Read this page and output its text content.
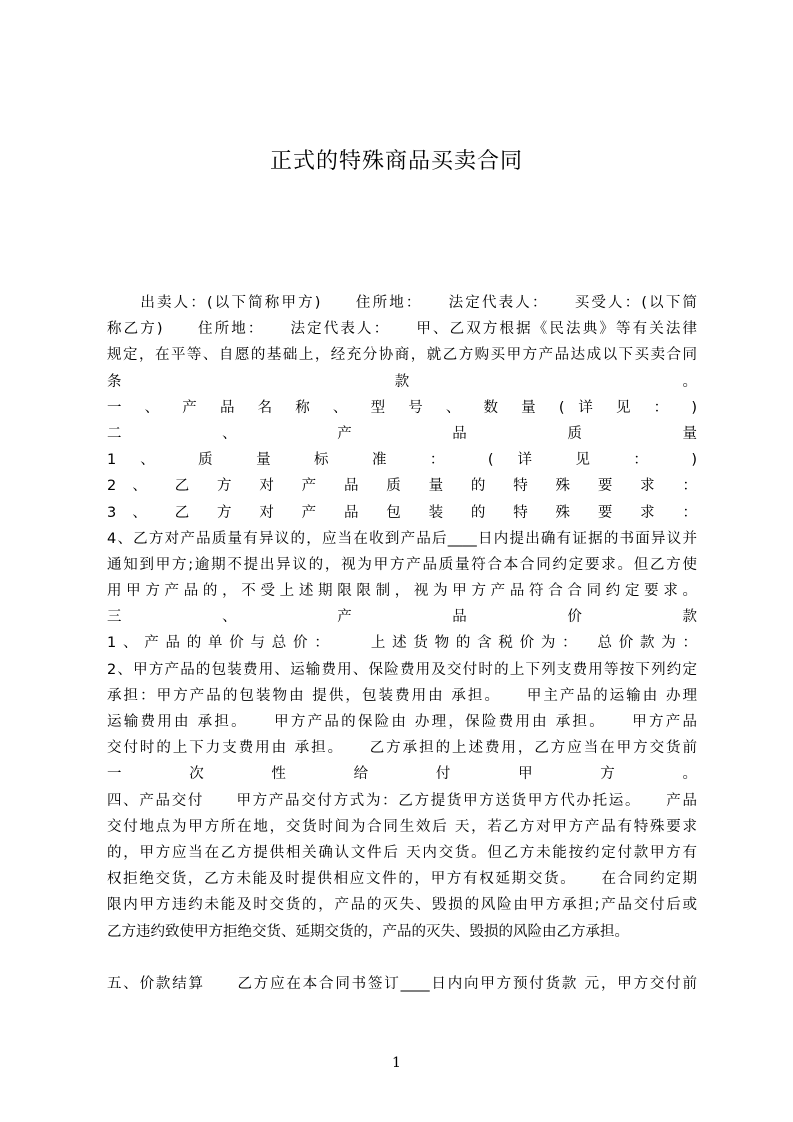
正式的特殊商品买卖合同
　　出卖人：(以下简称甲方)　　住所地：　　法定代表人：　　买受人：(以下简
称乙方)　　住所地：　　法定代表人：　　甲、乙双方根据《民法典》等有关法律
规定，在平等、自愿的基础上，经充分协商，就乙方购买甲方产品达成以下买卖合同
条 款 。
一 、 产 品 名 称 、 型 号 、 数 量 ( 详 见 ： )
二 、 产 品 质 量
1 、 质 量 标 准 ： ( 详 见 ： )
2 、 乙 方 对 产 品 质 量 的 特 殊 要 求 ：
3 、 乙 方 对 产 品 包 装 的 特 殊 要 求 ：
4、乙方对产品质量有异议的，应当在收到产品后____日内提出确有证据的书面异议并
通知到甲方;逾期不提出异议的，视为甲方产品质量符合本合同约定要求。但乙方使
用甲方产品的，不受上述期限限制，视为甲方产品符合合同约定要求。
三 、 产 品 价 款
1、产品的单价与总价：　　上述货物的含税价为：　总价款为：
2、甲方产品的包装费用、运输费用、保险费用及交付时的上下列支费用等按下列约定
承担：甲方产品的包装物由 提供，包装费用由 承担。　　甲主产品的运输由 办理
运输费用由 承担。　　甲方产品的保险由 办理，保险费用由 承担。　　甲方产品
交付时的上下力支费用由 承担。　　乙方承担的上述费用，乙方应当在甲方交货前
一 次 性 给 付 甲 方 。
四、产品交付　　甲方产品交付方式为：乙方提货甲方送货甲方代办托运。　　产品
交付地点为甲方所在地，交货时间为合同生效后 天，若乙方对甲方产品有特殊要求
的，甲方应当在乙方提供相关确认文件后 天内交货。但乙方未能按约定付款甲方有
权拒绝交货，乙方未能及时提供相应文件的，甲方有权延期交货。　　在合同约定期
限内甲方违约未能及时交货的，产品的灭失、毁损的风险由甲方承担;产品交付后或
乙方违约致使甲方拒绝交货、延期交货的，产品的灭失、毁损的风险由乙方承担。
五、价款结算　　乙方应在本合同书签订____日内向甲方预付货款 元，甲方交付前
1
